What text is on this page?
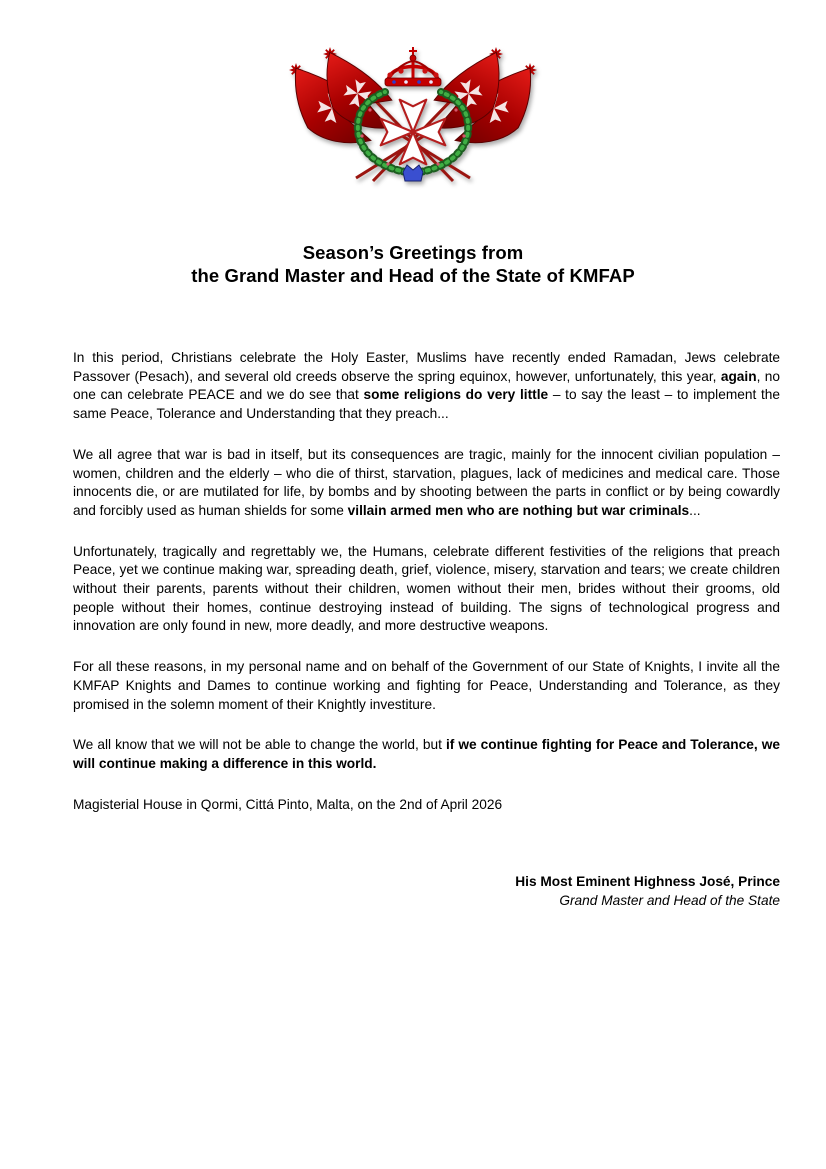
Season’s Greetings from
the Grand Master and Head of the State of KMFAP

In this period, Christians celebrate the Holy Easter, Muslims have recently ended Ramadan, Jews celebrate Passover (Pesach), and several old creeds observe the spring equinox, however, unfortunately, this year, again, no one can celebrate PEACE and we do see that some religions do very little – to say the least – to implement the same Peace, Tolerance and Understanding that they preach...

We all agree that war is bad in itself, but its consequences are tragic, mainly for the innocent civilian population – women, children and the elderly – who die of thirst, starvation, plagues, lack of medicines and medical care. Those innocents die, or are mutilated for life, by bombs and by shooting between the parts in conflict or by being cowardly and forcibly used as human shields for some villain armed men who are nothing but war criminals...

Unfortunately, tragically and regrettably we, the Humans, celebrate different festivities of the religions that preach Peace, yet we continue making war, spreading death, grief, violence, misery, starvation and tears; we create children without their parents, parents without their children, women without their men, brides without their grooms, old people without their homes, continue destroying instead of building. The signs of technological progress and innovation are only found in new, more deadly, and more destructive weapons.

For all these reasons, in my personal name and on behalf of the Government of our State of Knights, I invite all the KMFAP Knights and Dames to continue working and fighting for Peace, Understanding and Tolerance, as they promised in the solemn moment of their Knightly investiture.

We all know that we will not be able to change the world, but if we continue fighting for Peace and Tolerance, we will continue making a difference in this world.

Magisterial House in Qormi, Cittá Pinto, Malta, on the 2nd of April 2026

His Most Eminent Highness José, Prince

Grand Master and Head of the State
